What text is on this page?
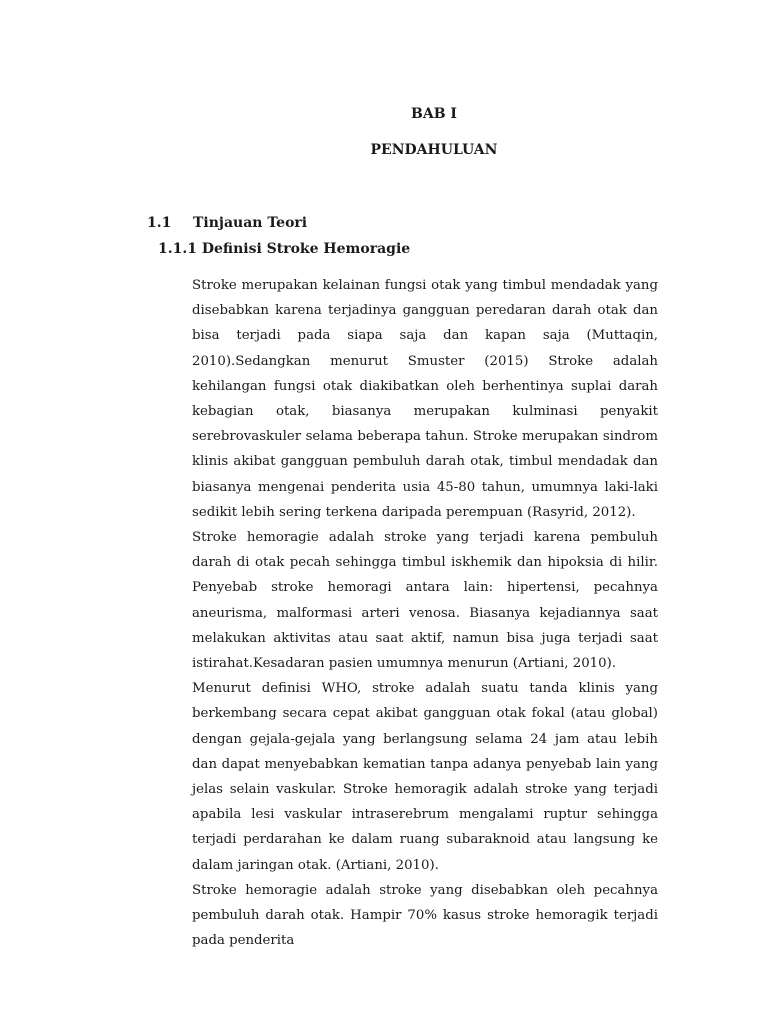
BAB I
PENDAHULUAN
1.1 Tinjauan Teori
1.1.1 Definisi Stroke Hemoragie

Stroke merupakan kelainan fungsi otak yang timbul mendadak yang disebabkan karena terjadinya gangguan peredaran darah otak dan bisa terjadi pada siapa saja dan kapan saja (Muttaqin, 2010).Sedangkan menurut Smuster (2015) Stroke adalah kehilangan fungsi otak diakibatkan oleh berhentinya suplai darah kebagian otak, biasanya merupakan kulminasi penyakit serebrovaskuler selama beberapa tahun. Stroke merupakan sindrom klinis akibat gangguan pembuluh darah otak, timbul mendadak dan biasanya mengenai penderita usia 45-80 tahun, umumnya laki-laki sedikit lebih sering terkena daripada perempuan (Rasyrid, 2012).

Stroke hemoragie adalah stroke yang terjadi karena pembuluh darah di otak pecah sehingga timbul iskhemik dan hipoksia di hilir. Penyebab stroke hemoragi antara lain: hipertensi, pecahnya aneurisma, malformasi arteri venosa. Biasanya kejadiannya saat melakukan aktivitas atau saat aktif, namun bisa juga terjadi saat istirahat.Kesadaran pasien umumnya menurun (Artiani, 2010).

Menurut definisi WHO, stroke adalah suatu tanda klinis yang berkembang secara cepat akibat gangguan otak fokal (atau global) dengan gejala-gejala yang berlangsung selama 24 jam atau lebih dan dapat menyebabkan kematian tanpa adanya penyebab lain yang jelas selain vaskular. Stroke hemoragik adalah stroke yang terjadi apabila lesi vaskular intraserebrum mengalami ruptur sehingga terjadi perdarahan ke dalam ruang subaraknoid atau langsung ke dalam jaringan otak. (Artiani, 2010).

Stroke hemoragie adalah stroke yang disebabkan oleh pecahnya pembuluh darah otak. Hampir 70% kasus stroke hemoragik terjadi pada penderita
